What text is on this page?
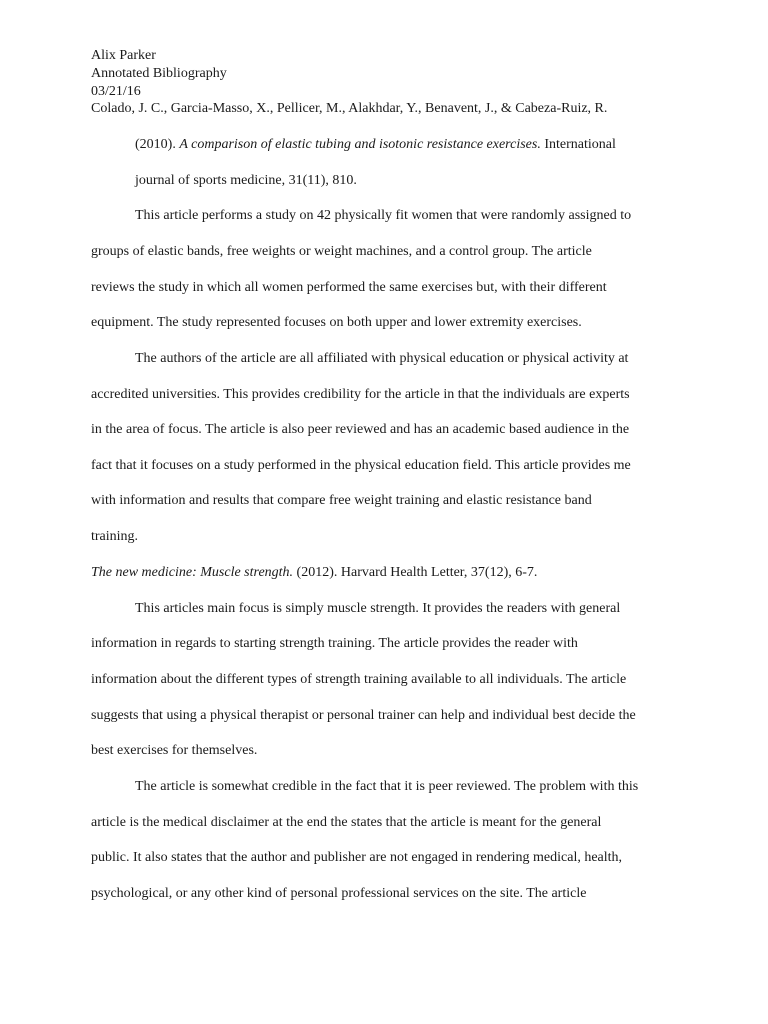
Alix Parker
Annotated Bibliography
03/21/16
Colado, J. C., Garcia-Masso, X., Pellicer, M., Alakhdar, Y., Benavent, J., & Cabeza-Ruiz, R.
(2010). A comparison of elastic tubing and isotonic resistance exercises. International
journal of sports medicine, 31(11), 810.
This article performs a study on 42 physically fit women that were randomly assigned to
groups of elastic bands, free weights or weight machines, and a control group. The article
reviews the study in which all women performed the same exercises but, with their different
equipment. The study represented focuses on both upper and lower extremity exercises.
The authors of the article are all affiliated with physical education or physical activity at
accredited universities. This provides credibility for the article in that the individuals are experts
in the area of focus. The article is also peer reviewed and has an academic based audience in the
fact that it focuses on a study performed in the physical education field. This article provides me
with information and results that compare free weight training and elastic resistance band
training.
The new medicine: Muscle strength. (2012). Harvard Health Letter, 37(12), 6-7.
This articles main focus is simply muscle strength. It provides the readers with general
information in regards to starting strength training. The article provides the reader with
information about the different types of strength training available to all individuals. The article
suggests that using a physical therapist or personal trainer can help and individual best decide the
best exercises for themselves.
The article is somewhat credible in the fact that it is peer reviewed. The problem with this
article is the medical disclaimer at the end the states that the article is meant for the general
public. It also states that the author and publisher are not engaged in rendering medical, health,
psychological, or any other kind of personal professional services on the site. The article
